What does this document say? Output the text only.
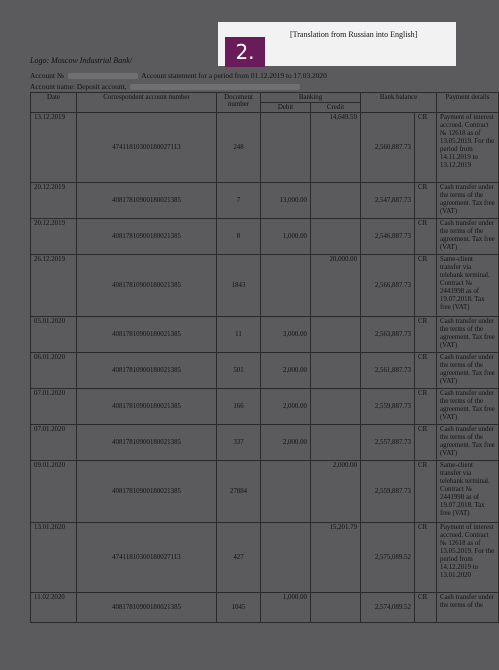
[Translation from Russian into English]
2.
Logo: Moscow Industrial Bank/
Account №	Account statement for a period from 01.12.2019 to 17.03.2020
Account name: Deposit account,
Date	Correspondent account number	Document number	Banking		Bank balance		Payment details
			Debit	Credit			
13.12.2019	47411810300180027113	248		14,649.59	2,560,887.73	CR	Payment of interest accrued. Contract № 12618 as of 13.05.2019. For the period from 14.11.2019 to 13.12.2019
20.12.2019	40817810900180021385	7	13,000.00		2,547,887.73	CR	Cash transfer under the terms of the agreement. Tax free (VAT)
20.12.2019	40817810900180021385	8	1,000.00		2,546,887.73	CR	Cash transfer under the terms of the agreement. Tax free (VAT)
26.12.2019	40817810900180021385	1843		20,000.00	2,566,887.73	CR	Same-client transfer via telebank terminal. Contract № 2441998 as of 19.07.2018. Tax free (VAT)
05.01.2020	40817810900180021385	11	3,000.00		2,563,887.73	CR	Cash transfer under the terms of the agreement. Tax free (VAT)
06.01.2020	40817810900180021385	501	2,000.00		2,561,887.73	CR	Cash transfer under the terms of the agreement. Tax free (VAT)
07.01.2020	40817810900180021385	166	2,000.00		2,559,887.73	CR	Cash transfer under the terms of the agreement. Tax free (VAT)
07.01.2020	40817810900180021385	337	2,000.00		2,557,887.73	CR	Cash transfer under the terms of the agreement. Tax free (VAT)
09.01.2020	40817810900180021385	27884		2,000.00	2,559,887.73	CR	Same-client transfer via telebank terminal. Contract № 2441998 as of 19.07.2018. Tax free (VAT)
13.01.2020	47411810300180027113	427		15,201.79	2,575,089.52	CR	Payment of interest accrued. Contract № 12618 as of 13.05.2019. For the period from 14.12.2019 to 13.01.2020
11.02.2020	40817810900180021385	1045	1,000.00		2,574,089.52	CR	Cash transfer under the terms of the
